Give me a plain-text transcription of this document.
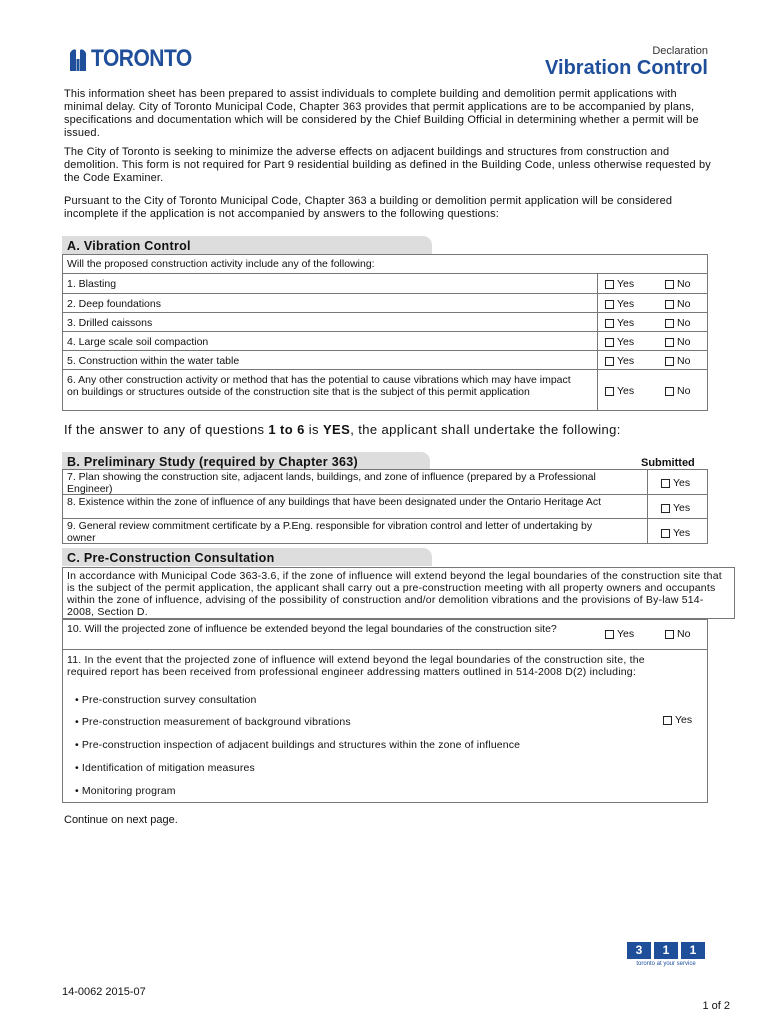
TORONTO	Declaration
Vibration Control
This information sheet has been prepared to assist individuals to complete building and demolition permit applications with minimal delay. City of Toronto Municipal Code, Chapter 363 provides that permit applications are to be accompanied by plans, specifications and documentation which will be considered by the Chief Building Official in determining whether a permit will be issued.
The City of Toronto is seeking to minimize the adverse effects on adjacent buildings and structures from construction and demolition. This form is not required for Part 9 residential building as defined in the Building Code, unless otherwise requested by the Code Examiner.
Pursuant to the City of Toronto Municipal Code, Chapter 363 a building or demolition permit application will be considered incomplete if the application is not accompanied by answers to the following questions:
A. Vibration Control
Will the proposed construction activity include any of the following:
1. Blasting	Yes	No
2. Deep foundations	Yes	No
3. Drilled caissons	Yes	No
4. Large scale soil compaction	Yes	No
5. Construction within the water table	Yes	No
6. Any other construction activity or method that has the potential to cause vibrations which may have impact on buildings or structures outside of the construction site that is the subject of this permit application	Yes	No
If the answer to any of questions 1 to 6 is YES, the applicant shall undertake the following:
B. Preliminary Study (required by Chapter 363)	Submitted
7. Plan showing the construction site, adjacent lands, buildings, and zone of influence (prepared by a Professional Engineer)	Yes
8. Existence within the zone of influence of any buildings that have been designated under the Ontario Heritage Act	Yes
9. General review commitment certificate by a P.Eng. responsible for vibration control and letter of undertaking by owner	Yes
C. Pre-Construction Consultation
In accordance with Municipal Code 363-3.6, if the zone of influence will extend beyond the legal boundaries of the construction site that is the subject of the permit application, the applicant shall carry out a pre-construction meeting with all property owners and occupants within the zone of influence, advising of the possibility of construction and/or demolition vibrations and the provisions of By-law 514-2008, Section D.
10. Will the projected zone of influence be extended beyond the legal boundaries of the construction site?	Yes	No
11. In the event that the projected zone of influence will extend beyond the legal boundaries of the construction site, the required report has been received from professional engineer addressing matters outlined in 514-2008 D(2) including:
• Pre-construction survey consultation
• Pre-construction measurement of background vibrations
• Pre-construction inspection of adjacent buildings and structures within the zone of influence
• Identification of mitigation measures
• Monitoring program
Yes
Continue on next page.
3	1	1
toronto at your service
14-0062 2015-07
1 of 2
